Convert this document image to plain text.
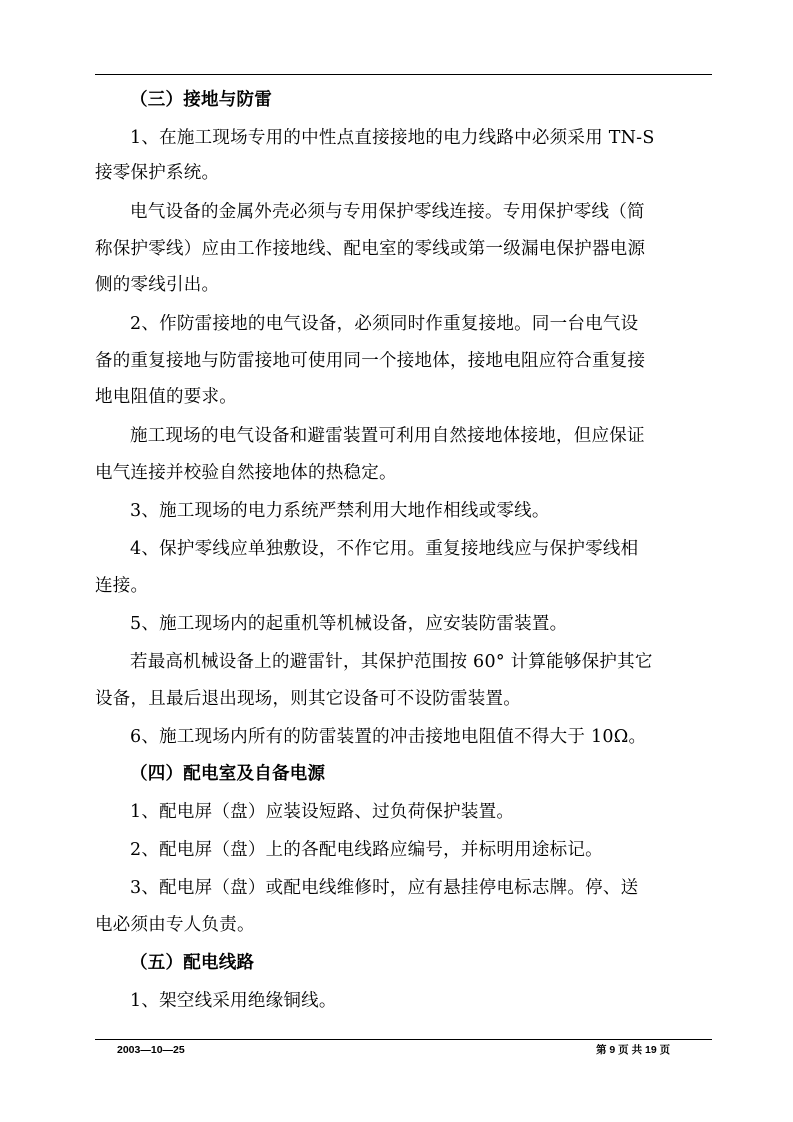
（三）接地与防雷
1、在施工现场专用的中性点直接接地的电力线路中必须采用 TN-S
接零保护系统。
电气设备的金属外壳必须与专用保护零线连接。专用保护零线（简
称保护零线）应由工作接地线、配电室的零线或第一级漏电保护器电源
侧的零线引出。
2、作防雷接地的电气设备，必须同时作重复接地。同一台电气设
备的重复接地与防雷接地可使用同一个接地体，接地电阻应符合重复接
地电阻值的要求。
施工现场的电气设备和避雷装置可利用自然接地体接地，但应保证
电气连接并校验自然接地体的热稳定。
3、施工现场的电力系统严禁利用大地作相线或零线。
4、保护零线应单独敷设，不作它用。重复接地线应与保护零线相
连接。
5、施工现场内的起重机等机械设备，应安装防雷装置。
若最高机械设备上的避雷针，其保护范围按 60° 计算能够保护其它
设备，且最后退出现场，则其它设备可不设防雷装置。
6、施工现场内所有的防雷装置的冲击接地电阻值不得大于 10Ω。
（四）配电室及自备电源
1、配电屏（盘）应装设短路、过负荷保护装置。
2、配电屏（盘）上的各配电线路应编号，并标明用途标记。
3、配电屏（盘）或配电线维修时，应有悬挂停电标志牌。停、送
电必须由专人负责。
（五）配电线路
1、架空线采用绝缘铜线。
2003—10—25	第 9 页 共 19 页
